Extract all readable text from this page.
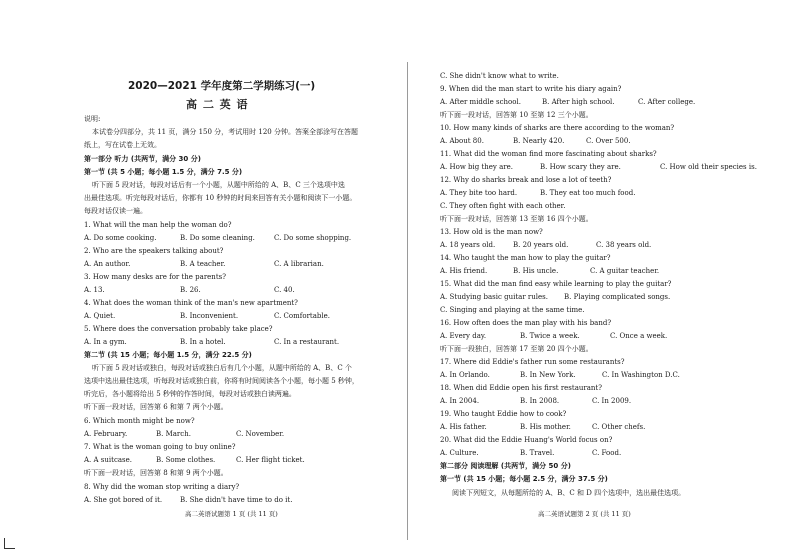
2020—2021 学年度第二学期练习(一)
高 二 英 语
说明:
本试卷分四部分，共 11 页，满分 150 分，考试用时 120 分钟。答案全部涂写在答题
纸上，写在试卷上无效。
第一部分 听力 (共两节，满分 30 分)
第一节 (共 5 小题；每小题 1.5 分，满分 7.5 分)
听下面 5 段对话，每段对话后有一个小题，从题中所给的 A、B、C 三个选项中选
出最佳选项。听完每段对话后，你都有 10 秒钟的时间来回答有关小题和阅读下一小题。
每段对话仅读一遍。
1. What will the man help the woman do?
A. Do some cooking.	B. Do some cleaning.	C. Do some shopping.
2. Who are the speakers talking about?
A. An author.	B. A teacher.	C. A librarian.
3. How many desks are for the parents?
A. 13.	B. 26.	C. 40.
4. What does the woman think of the man's new apartment?
A. Quiet.	B. Inconvenient.	C. Comfortable.
5. Where does the conversation probably take place?
A. In a gym.	B. In a hotel.	C. In a restaurant.
第二节 (共 15 小题；每小题 1.5 分，满分 22.5 分)
听下面 5 段对话或独白，每段对话或独白后有几个小题，从题中所给的 A、B、C 个
选项中选出最佳选项，听每段对话或独白前，你将有时间阅读各个小题，每小题 5 秒钟，
听完后，各小题将给出 5 秒钟的作答时间，每段对话或独白读两遍。
听下面一段对话，回答第 6 和第 7 两个小题。
6. Which month might be now?
A. February.	B. March.	C. November.
7. What is the woman going to buy online?
A. A suitcase.	B. Some clothes.	C. Her flight ticket.
听下面一段对话，回答第 8 和第 9 两个小题。
8. Why did the woman stop writing a diary?
A. She got bored of it.	B. She didn't have time to do it.
高二英语试题第 1 页 (共 11 页)
C. She didn't know what to write.
9. When did the man start to write his diary again?
A. After middle school.	B. After high school.	C. After college.
听下面一段对话，回答第 10 至第 12 三个小题。
10. How many kinds of sharks are there according to the woman?
A. About 80.	B. Nearly 420.	C. Over 500.
11. What did the woman find more fascinating about sharks?
A. How big they are.	B. How scary they are.	C. How old their species is.
12. Why do sharks break and lose a lot of teeth?
A. They bite too hard.	B. They eat too much food.
C. They often fight with each other.
听下面一段对话，回答第 13 至第 16 四个小题。
13. How old is the man now?
A. 18 years old.	B. 20 years old.	C. 38 years old.
14. Who taught the man how to play the guitar?
A. His friend.	B. His uncle.	C. A guitar teacher.
15. What did the man find easy while learning to play the guitar?
A. Studying basic guitar rules. B. Playing complicated songs.
C. Singing and playing at the same time.
16. How often does the man play with his band?
A. Every day.	B. Twice a week.	C. Once a week.
听下面一段独白，回答第 17 至第 20 四个小题。
17. Where did Eddie's father run some restaurants?
A. In Orlando.	B. In New York.	C. In Washington D.C.
18. When did Eddie open his first restaurant?
A. In 2004.	B. In 2008.	C. In 2009.
19. Who taught Eddie how to cook?
A. His father.	B. His mother.	C. Other chefs.
20. What did the Eddie Huang's World focus on?
A. Culture.	B. Travel.	C. Food.
第二部分 阅读理解 (共两节，满分 50 分)
第一节 (共 15 小题；每小题 2.5 分，满分 37.5 分)
阅读下列短文，从每题所给的 A、B、C 和 D 四个选项中，选出最佳选项。
高二英语试题第 2 页 (共 11 页)
